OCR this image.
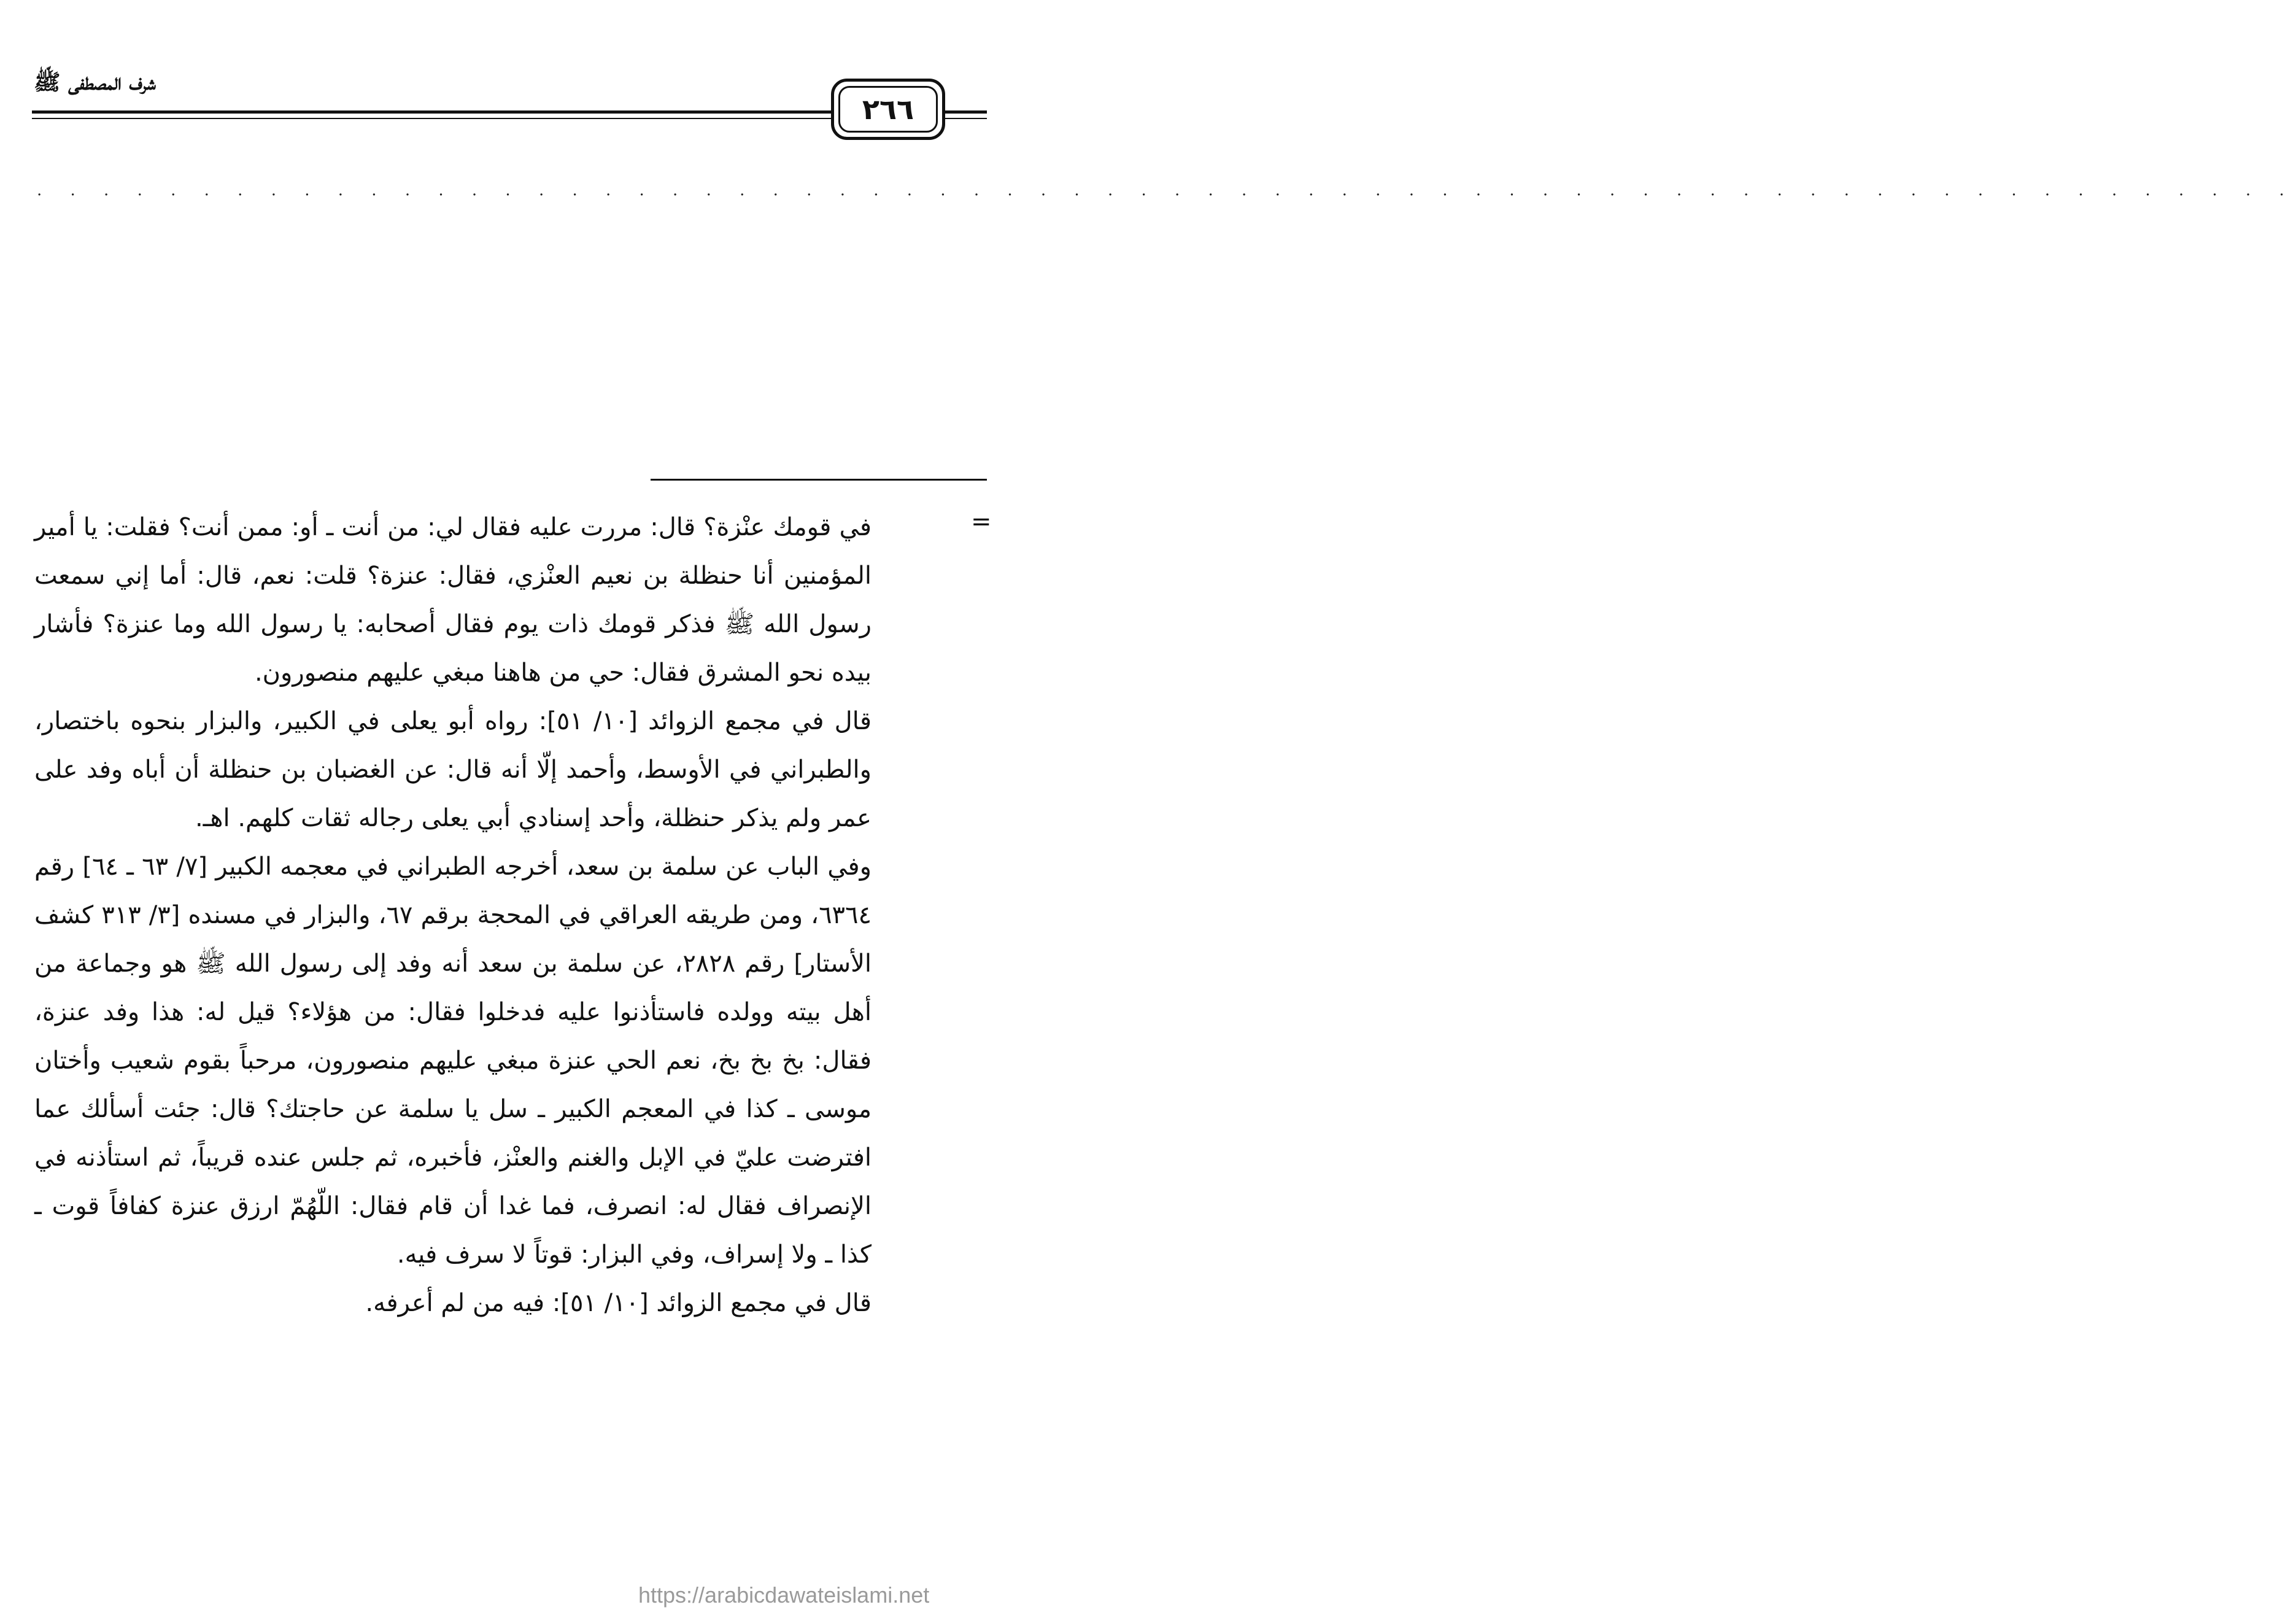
شرف المصطفى ﷺ
٢٦٦
. . . . . . . . . . . . . . . . . . . . . . . . . . . . . . . . . . . . . . . . . . . . . . . . . . . . . . . . . . . . . . . . . . . .
=

في قومك عنْزة؟ قال: مررت عليه فقال لي: من أنت ـ أو: ممن أنت؟ فقلت: يا أمير المؤمنين أنا حنظلة بن نعيم العنْزي، فقال: عنزة؟ قلت: نعم، قال: أما إني سمعت رسول الله ﷺ فذكر قومك ذات يوم فقال أصحابه: يا رسول الله وما عنزة؟ فأشار بيده نحو المشرق فقال: حي من هاهنا مبغي عليهم منصورون.

قال في مجمع الزوائد [١٠/ ٥١]: رواه أبو يعلى في الكبير، والبزار بنحوه باختصار، والطبراني في الأوسط، وأحمد إلّا أنه قال: عن الغضبان بن حنظلة أن أباه وفد على عمر ولم يذكر حنظلة، وأحد إسنادي أبي يعلى رجاله ثقات كلهم. اهـ.

وفي الباب عن سلمة بن سعد، أخرجه الطبراني في معجمه الكبير [٧/ ٦٣ ـ ٦٤] رقم ٦٣٦٤، ومن طريقه العراقي في المحجة برقم ٦٧، والبزار في مسنده [٣/ ٣١٣ كشف الأستار] رقم ٢٨٢٨، عن سلمة بن سعد أنه وفد إلى رسول الله ﷺ هو وجماعة من أهل بيته وولده فاستأذنوا عليه فدخلوا فقال: من هؤلاء؟ قيل له: هذا وفد عنزة، فقال: بخ بخ بخ، نعم الحي عنزة مبغي عليهم منصورون، مرحباً بقوم شعيب وأختان موسى ـ كذا في المعجم الكبير ـ سل يا سلمة عن حاجتك؟ قال: جئت أسألك عما افترضت عليّ في الإبل والغنم والعنْز، فأخبره، ثم جلس عنده قريباً، ثم استأذنه في الإنصراف فقال له: انصرف، فما غدا أن قام فقال: اللّهُمّ ارزق عنزة كفافاً قوت ـ كذا ـ ولا إسراف، وفي البزار: قوتاً لا سرف فيه.

قال في مجمع الزوائد [١٠/ ٥١]: فيه من لم أعرفه.

https://arabicdawateislami.net
